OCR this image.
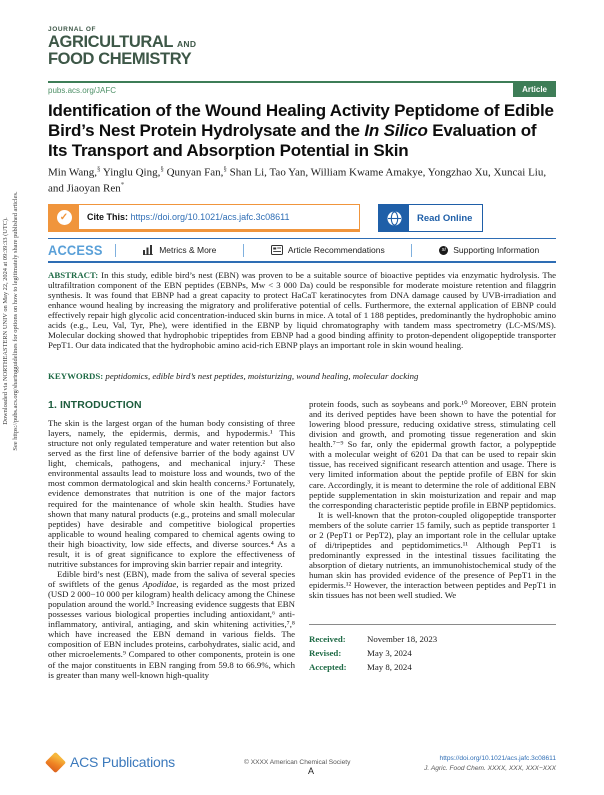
Downloaded via NORTHEASTERN UNIV on May 22, 2024 at 09:39:33 (UTC). See https://pubs.acs.org/sharingguidelines for options on how to legitimately share published articles.
JOURNAL OF
AGRICULTURAL AND
FOOD CHEMISTRY
pubs.acs.org/JAFC	Article
Identification of the Wound Healing Activity Peptidome of Edible Bird’s Nest Protein Hydrolysate and the In Silico Evaluation of Its Transport and Absorption Potential in Skin
Min Wang,§ Yinglu Qing,§ Qunyan Fan,§ Shan Li, Tao Yan, William Kwame Amakye, Yongzhao Xu, Xuncai Liu, and Jiaoyan Ren*
✓	Cite This: https://doi.org/10.1021/acs.jafc.3c08611	Read Online
ACCESS	Metrics & More	Article Recommendations	si Supporting Information
ABSTRACT: In this study, edible bird’s nest (EBN) was proven to be a suitable source of bioactive peptides via enzymatic hydrolysis. The ultrafiltration component of the EBN peptides (EBNPs, Mw < 3 000 Da) could be responsible for moderate moisture retention and filaggrin synthesis. It was found that EBNP had a great capacity to protect HaCaT keratinocytes from DNA damage caused by UVB-irradiation and enhance wound healing by increasing the migratory and proliferative potential of cells. Furthermore, the external application of EBNP could effectively repair high glycolic acid concentration-induced skin burns in mice. A total of 1 188 peptides, predominantly the hydrophobic amino acids (e.g., Leu, Val, Tyr, Phe), were identified in the EBNP by liquid chromatography with tandem mass spectrometry (LC-MS/MS). Molecular docking showed that hydrophobic tripeptides from EBNP had a good binding affinity to proton-dependent oligopeptide transporter PepT1. Our data indicated that the hydrophobic amino acid-rich EBNP plays an important role in skin wound healing.
KEYWORDS: peptidomics, edible bird’s nest peptides, moisturizing, wound healing, molecular docking
1. INTRODUCTION

The skin is the largest organ of the human body consisting of three layers, namely, the epidermis, dermis, and hypodermis.¹ This structure not only regulated temperature and water retention but also served as the first line of defensive barrier of the body against UV light, chemicals, pathogens, and mechanical injury.² These environmental assaults lead to moisture loss and wounds, two of the most common dermatological and skin health concerns.³ Fortunately, evidence demonstrates that nutrition is one of the major factors required for the maintenance of whole skin health. Studies have shown that many natural products (e.g., proteins and small molecular peptides) have desirable and competitive biological properties applicable to wound healing compared to chemical agents owing to their high bioactivity, low side effects, and diverse sources.⁴ As a result, it is of great significance to explore the effectiveness of nutritive substances for improving skin barrier repair and integrity.

Edible bird’s nest (EBN), made from the saliva of several species of swiftlets of the genus Apodidae, is regarded as the most prized (USD 2 000−10 000 per kilogram) health delicacy among the Chinese population around the world.⁵ Increasing evidence suggests that EBN possesses various biological properties including antioxidant,⁶ anti-inflammatory, antiviral, antiaging, and skin whitening activities,⁷,⁸ which have increased the EBN demand in various fields. The composition of EBN includes proteins, carbohydrates, sialic acid, and other microelements.⁹ Compared to other components, protein is one of the major constituents in EBN ranging from 59.8 to 66.9%, which is greater than many well-known high-quality

protein foods, such as soybeans and pork.¹⁰ Moreover, EBN protein and its derived peptides have been shown to have the potential for lowering blood pressure, reducing oxidative stress, stimulating cell division and growth, and promoting tissue regeneration and skin health.⁷⁻⁹ So far, only the epidermal growth factor, a polypeptide with a molecular weight of 6201 Da that can be used to repair skin tissue, has received significant research attention and usage. There is very limited information about the peptide profile of EBN for skin care. Accordingly, it is meant to determine the role of additional EBN peptide supplementation in skin moisturization and repair and map the corresponding characteristic peptide profile in EBNP peptidomics.

It is well-known that the proton-coupled oligopeptide transporter members of the solute carrier 15 family, such as peptide transporter 1 or 2 (PepT1 or PepT2), play an important role in the cellular uptake of di/tripeptides and peptidomimetics.¹¹ Although PepT1 is predominantly expressed in the intestinal tissues facilitating the absorption of dietary nutrients, an immunohistochemical study of the human skin has provided evidence of the presence of PepT1 in the epidermis.¹² However, the interaction between peptides and PepT1 in skin tissues has not been well studied. We

Received:	November 18, 2023
Revised:	May 3, 2024
Accepted:	May 8, 2024
ACS Publications	© XXXX American Chemical Society
A
https://doi.org/10.1021/acs.jafc.3c08611
J. Agric. Food Chem. XXXX, XXX, XXX−XXX
